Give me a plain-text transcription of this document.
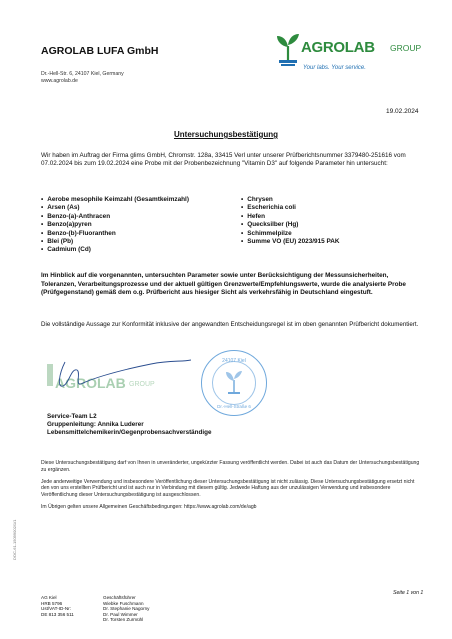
AGROLAB LUFA GmbH
Dr.-Hell-Str. 6, 24107 Kiel, Germany
www.agrolab.de
AGROLAB GROUP
Your labs. Your service.
19.02.2024
Untersuchungsbestätigung
Wir haben im Auftrag der Firma glims GmbH, Chromstr. 128a, 33415 Verl unter unserer Prüfberichtsnummer 3379480-251616 vom 07.02.2024 bis zum 19.02.2024 eine Probe mit der Probenbezeichnung "Vitamin D3" auf folgende Parameter hin untersucht:
• Aerobe mesophile Keimzahl (Gesamtkeimzahl)
• Arsen (As)
• Benzo-(a)-Anthracen
• Benzo(a)pyren
• Benzo-(b)-Fluoranthen
• Blei (Pb)
• Cadmium (Cd)
• Chrysen
• Escherichia coli
• Hefen
• Quecksilber (Hg)
• Schimmelpilze
• Summe VO (EU) 2023/915 PAK
Im Hinblick auf die vorgenannten, untersuchten Parameter sowie unter Berücksichtigung der Messunsicherheiten, Toleranzen, Verarbeitungsprozesse und der aktuell gültigen Grenzwerte/Empfehlungswerte, wurde die analysierte Probe (Prüfgegenstand) gemäß dem o.g. Prüfbericht aus hiesiger Sicht als verkehrsfähig in Deutschland eingestuft.
Die vollständige Aussage zur Konformität inklusive der angewandten Entscheidungsregel ist im oben genannten Prüfbericht dokumentiert.
AGROLAB GROUP
24107 Kiel
Dr.-Hell-Straße 6
Service-Team L2
Gruppenleitung: Annika Luderer
Lebensmittelchemikerin/Gegenprobensachverständige

Diese Untersuchungsbestätigung darf von Ihnen in unveränderter, ungekürzter Fassung veröffentlicht werden. Dabei ist auch das Datum der Untersuchungsbestätigung zu ergänzen.

Jede anderweitige Verwendung und insbesondere Veröffentlichung dieser Untersuchungsbestätigung ist nicht zulässig. Diese Untersuchungsbestätigung ersetzt nicht den von uns erstellten Prüfbericht und ist auch nur in Verbindung mit diesem gültig. Jedwede Haftung aus der unzulässigen Verwendung und insbesondere Veröffentlichung dieser Untersuchungsbestätigung ist ausgeschlossen.

Im Übrigen gelten unsere Allgemeinen Geschäftsbedingungen: https://www.agrolab.com/de/agb

DOC-61-15099002/1/1
Seite 1 von 1
AG Kiel
HRB 5796
Ust/VAT-ID-Nr:
DE 813 356 511
Geschäftsführer
Wiebke Fuschmann
Dr. Stephanie Nagorny
Dr. Paul Wimmer
Dr. Torsten Zurmühl
